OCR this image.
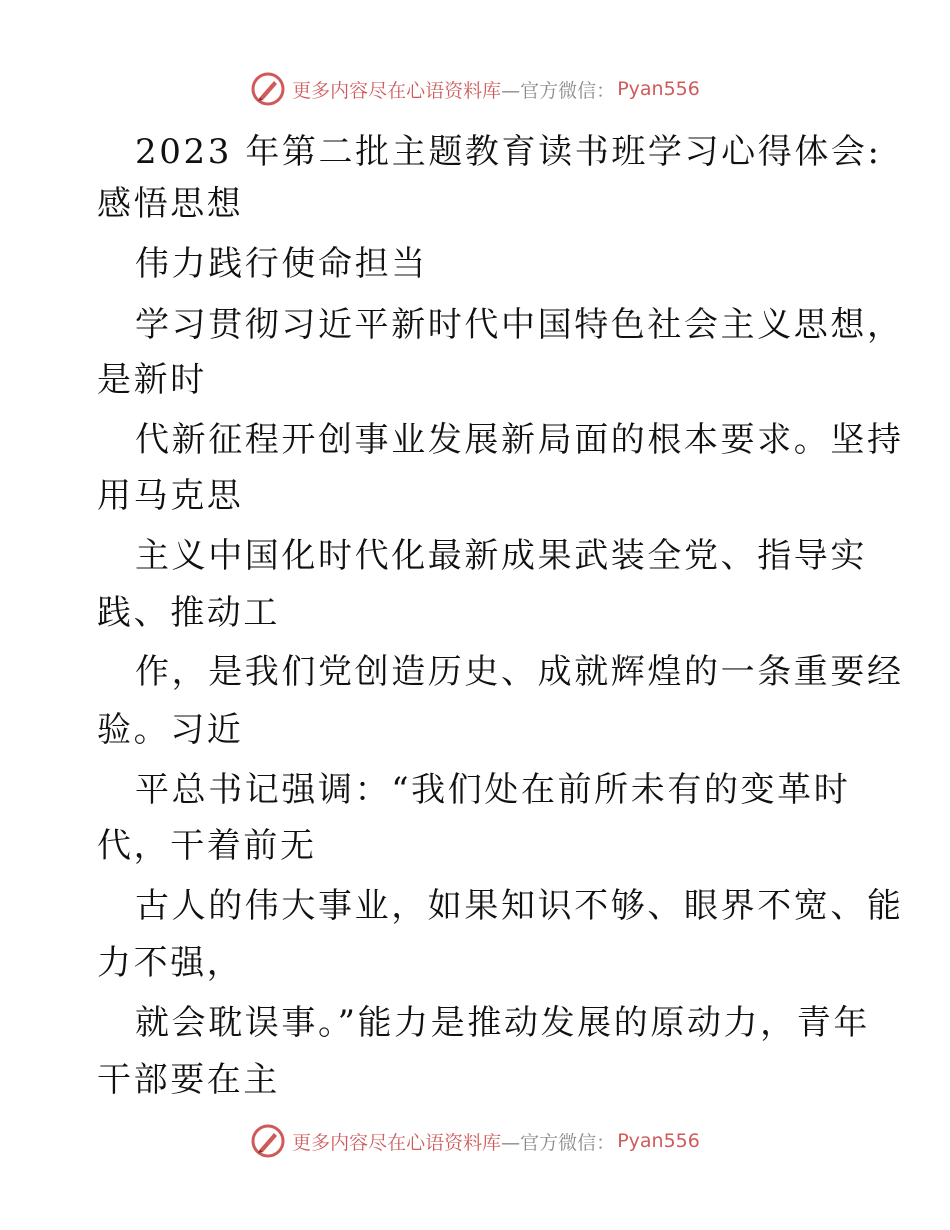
更多内容尽在心语资料库 —官方微信： Pyan556
2023 年第二批主题教育读书班学习心得体会:
感悟思想
伟力践行使命担当
学习贯彻习近平新时代中国特色社会主义思想，
是新时
代新征程开创事业发展新局面的根本要求。坚持
用马克思
主义中国化时代化最新成果武装全党、指导实
践、推动工
作，是我们党创造历史、成就辉煌的一条重要经
验。习近
平总书记强调：“我们处在前所未有的变革时
代，干着前无
古人的伟大事业，如果知识不够、眼界不宽、能
力不强，
就会耽误事。”能力是推动发展的原动力，青年
干部要在主
更多内容尽在心语资料库 —官方微信： Pyan556
